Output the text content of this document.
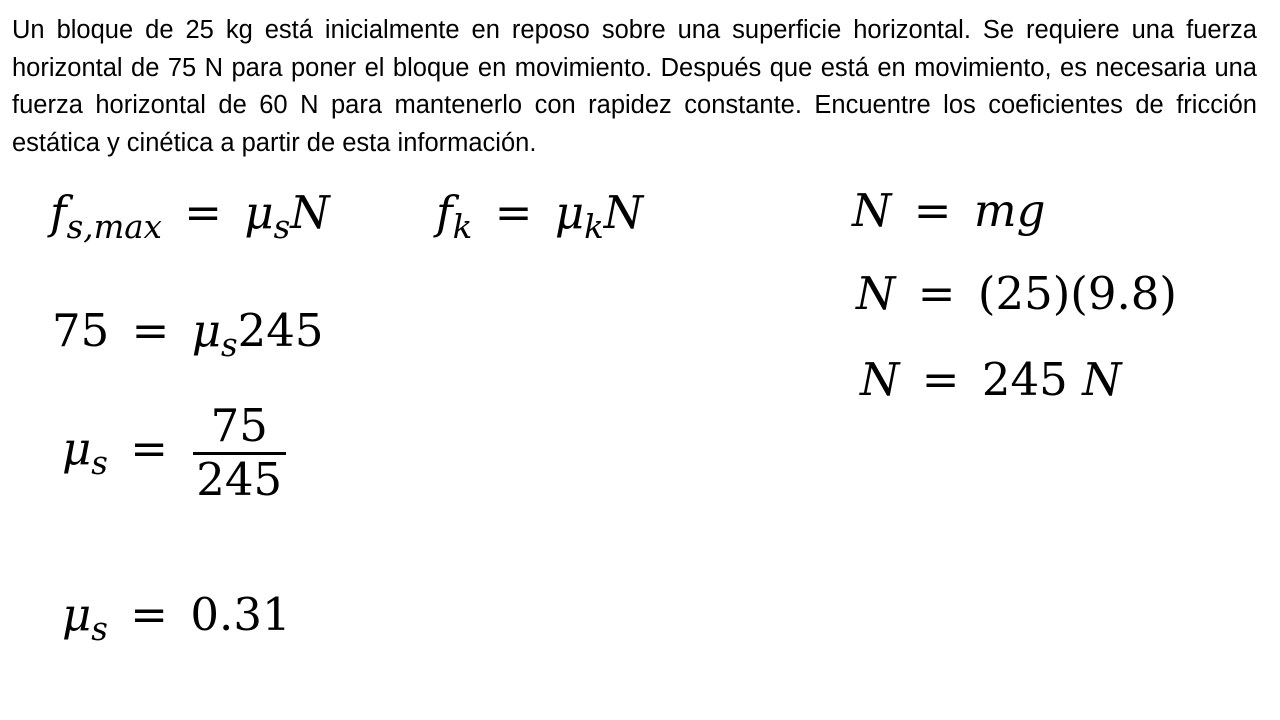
Un bloque de 25 kg está inicialmente en reposo sobre una superficie horizontal. Se requiere una fuerza horizontal de 75 N para poner el bloque en movimiento. Después que está en movimiento, es necesaria una fuerza horizontal de 60 N para mantenerlo con rapidez constante. Encuentre los coeficientes de fricción estática y cinética a partir de esta información.

$f_{s,max} = \mu_sN$ $f_k = \mu_kN$	N = mg
N = (25)(9.8)
N = 245 N
$75 = \mu_s245$
$\mu_s = \frac{75}{245}$
$\mu_s = 0.31$
